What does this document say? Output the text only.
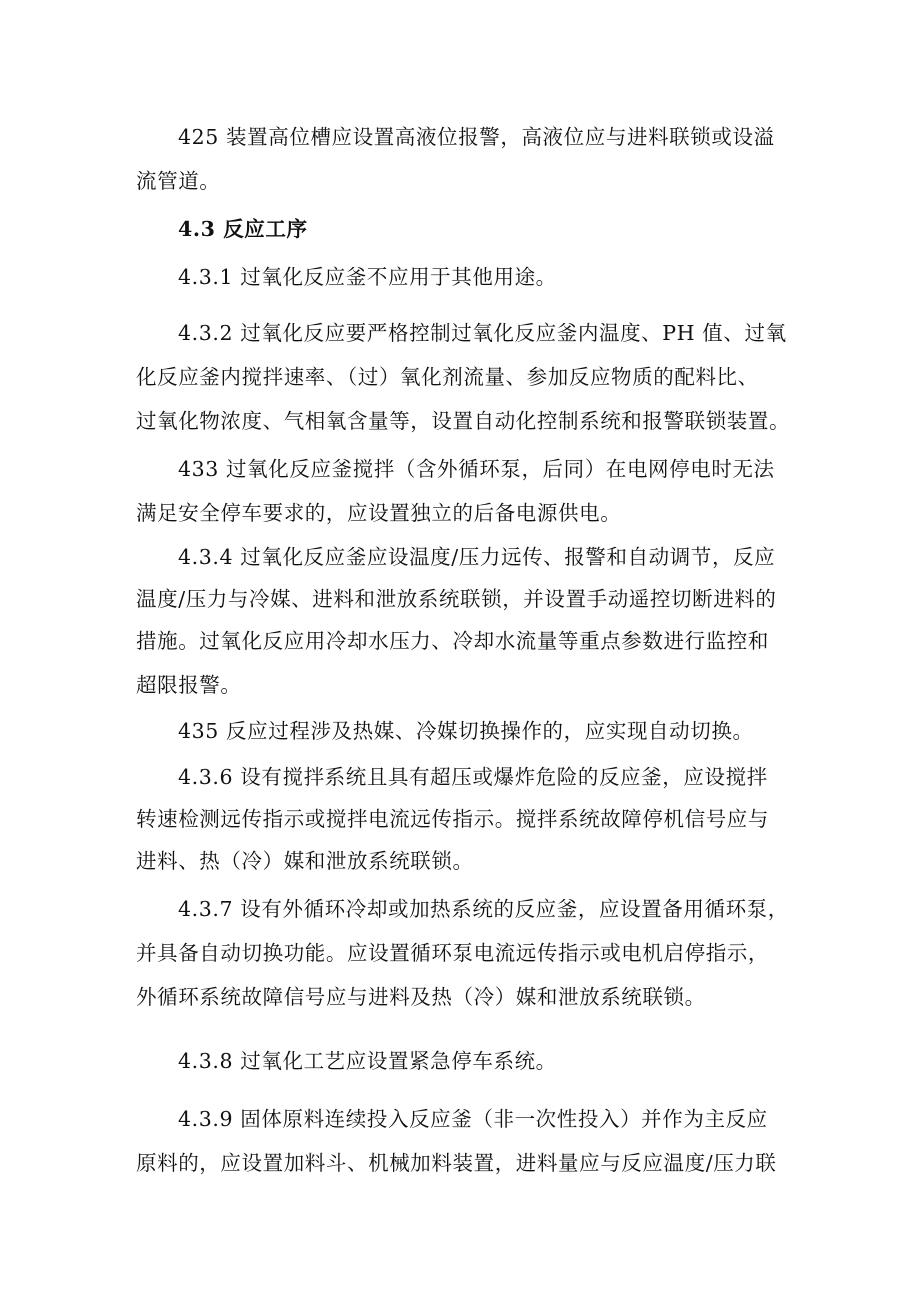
425 装置高位槽应设置高液位报警，高液位应与进料联锁或设溢
流管道。
4.3 反应工序
4.3.1 过氧化反应釜不应用于其他用途。
4.3.2 过氧化反应要严格控制过氧化反应釜内温度、PH 值、过氧
化反应釜内搅拌速率、（过）氧化剂流量、参加反应物质的配料比、
过氧化物浓度、气相氧含量等，设置自动化控制系统和报警联锁装置。
433 过氧化反应釜搅拌（含外循环泵，后同）在电网停电时无法
满足安全停车要求的，应设置独立的后备电源供电。
4.3.4 过氧化反应釜应设温度/压力远传、报警和自动调节，反应
温度/压力与冷媒、进料和泄放系统联锁，并设置手动遥控切断进料的
措施。过氧化反应用冷却水压力、冷却水流量等重点参数进行监控和
超限报警。
435 反应过程涉及热媒、冷媒切换操作的，应实现自动切换。
4.3.6 设有搅拌系统且具有超压或爆炸危险的反应釜，应设搅拌
转速检测远传指示或搅拌电流远传指示。搅拌系统故障停机信号应与
进料、热（冷）媒和泄放系统联锁。
4.3.7 设有外循环冷却或加热系统的反应釜，应设置备用循环泵，
并具备自动切换功能。应设置循环泵电流远传指示或电机启停指示，
外循环系统故障信号应与进料及热（冷）媒和泄放系统联锁。
4.3.8 过氧化工艺应设置紧急停车系统。
4.3.9 固体原料连续投入反应釜（非一次性投入）并作为主反应
原料的，应设置加料斗、机械加料装置，进料量应与反应温度/压力联
